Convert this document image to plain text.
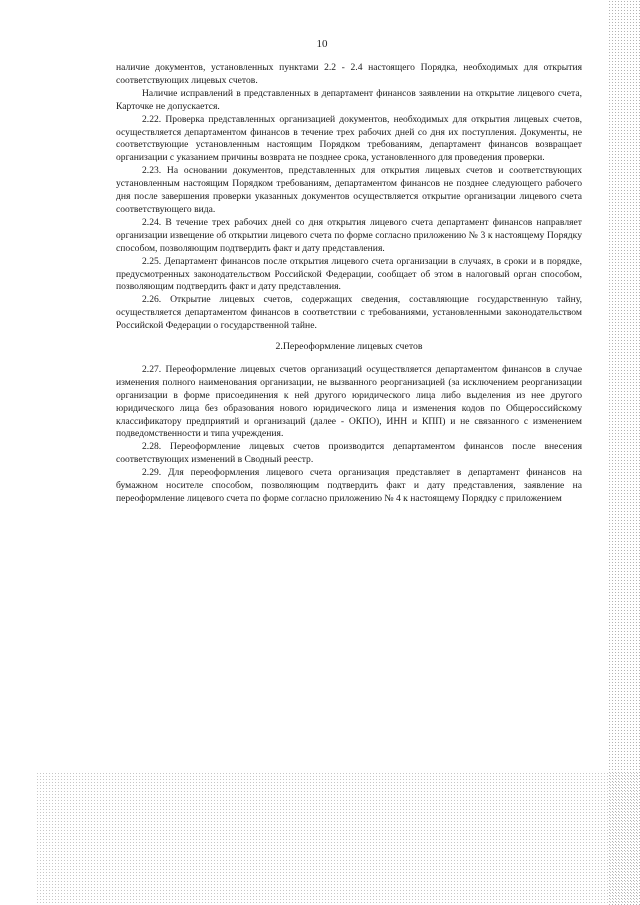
10

наличие документов, установленных пунктами 2.2 - 2.4 настоящего Порядка, необходимых для открытия соответствующих лицевых счетов.

Наличие исправлений в представленных в департамент финансов заявлении на открытие лицевого счета, Карточке не допускается.

2.22. Проверка представленных организацией документов, необходимых для открытия лицевых счетов, осуществляется департаментом финансов в течение трех рабочих дней со дня их поступления. Документы, не соответствующие установленным настоящим Порядком требованиям, департамент финансов возвращает организации с указанием причины возврата не позднее срока, установленного для проведения проверки.

2.23. На основании документов, представленных для открытия лицевых счетов и соответствующих установленным настоящим Порядком требованиям, департаментом финансов не позднее следующего рабочего дня после завершения проверки указанных документов осуществляется открытие организации лицевого счета соответствующего вида.

2.24. В течение трех рабочих дней со дня открытия лицевого счета департамент финансов направляет организации извещение об открытии лицевого счета по форме согласно приложению № 3 к настоящему Порядку способом, позволяющим подтвердить факт и дату представления.

2.25. Департамент финансов после открытия лицевого счета организации в случаях, в сроки и в порядке, предусмотренных законодательством Российской Федерации, сообщает об этом в налоговый орган способом, позволяющим подтвердить факт и дату представления.

2.26. Открытие лицевых счетов, содержащих сведения, составляющие государственную тайну, осуществляется департаментом финансов в соответствии с требованиями, установленными законодательством Российской Федерации о государственной тайне.

2.Переоформление лицевых счетов

2.27. Переоформление лицевых счетов организаций осуществляется департаментом финансов в случае изменения полного наименования организации, не вызванного реорганизацией (за исключением реорганизации организации в форме присоединения к ней другого юридического лица либо выделения из нее другого юридического лица без образования нового юридического лица и изменения кодов по Общероссийскому классификатору предприятий и организаций (далее - ОКПО), ИНН и КПП) и не связанного с изменением подведомственности и типа учреждения.

2.28. Переоформление лицевых счетов производится департаментом финансов после внесения соответствующих изменений в Сводный реестр.

2.29. Для переоформления лицевого счета организация представляет в департамент финансов на бумажном носителе способом, позволяющим подтвердить факт и дату представления, заявление на переоформление лицевого счета по форме согласно приложению № 4 к настоящему Порядку с приложением
